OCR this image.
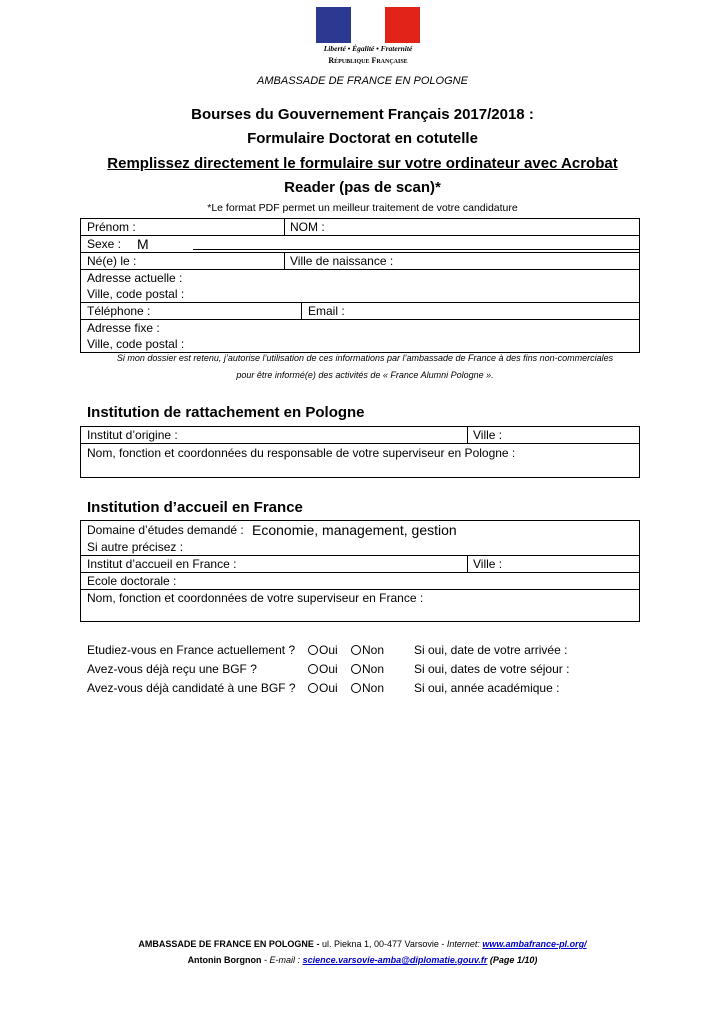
Liberté • Égalité • Fraternité
République Française
AMBASSADE DE FRANCE EN POLOGNE
Bourses du Gouvernement Français 2017/2018 :
Formulaire Doctorat en cotutelle
Remplissez directement le formulaire sur votre ordinateur avec Acrobat
Reader (pas de scan)*
*Le format PDF permet un meilleur traitement de votre candidature
Prénom :	NOM :
Sexe : M
Né(e) le :	Ville de naissance :
Adresse actuelle :
Ville, code postal :
Téléphone :	Email :
Adresse fixe :
Ville, code postal :
Si mon dossier est retenu, j’autorise l’utilisation de ces informations par l’ambassade de France à des fins non-commerciales
pour être informé(e) des activités de « France Alumni Pologne ».
Institution de rattachement en Pologne
Institut d’origine :	Ville :
Nom, fonction et coordonnées du responsable de votre superviseur en Pologne :
Institution d’accueil en France
Domaine d’études demandé : Economie, management, gestion
Si autre précisez :
Institut d’accueil en France :	Ville :
Ecole doctorale :
Nom, fonction et coordonnées de votre superviseur en France :
Etudiez-vous en France actuellement ?	Oui	Non Si oui, date de votre arrivée :
Avez-vous déjà reçu une BGF ?	Oui	Non Si oui, dates de votre séjour :
Avez-vous déjà candidaté à une BGF ?	Oui	Non Si oui, année académique :
AMBASSADE DE FRANCE EN POLOGNE - ul. Piekna 1, 00-477 Varsovie - Internet: www.ambafrance-pl.org/
Antonin Borgnon - E-mail : science.varsovie-amba@diplomatie.gouv.fr (Page 1/10)
